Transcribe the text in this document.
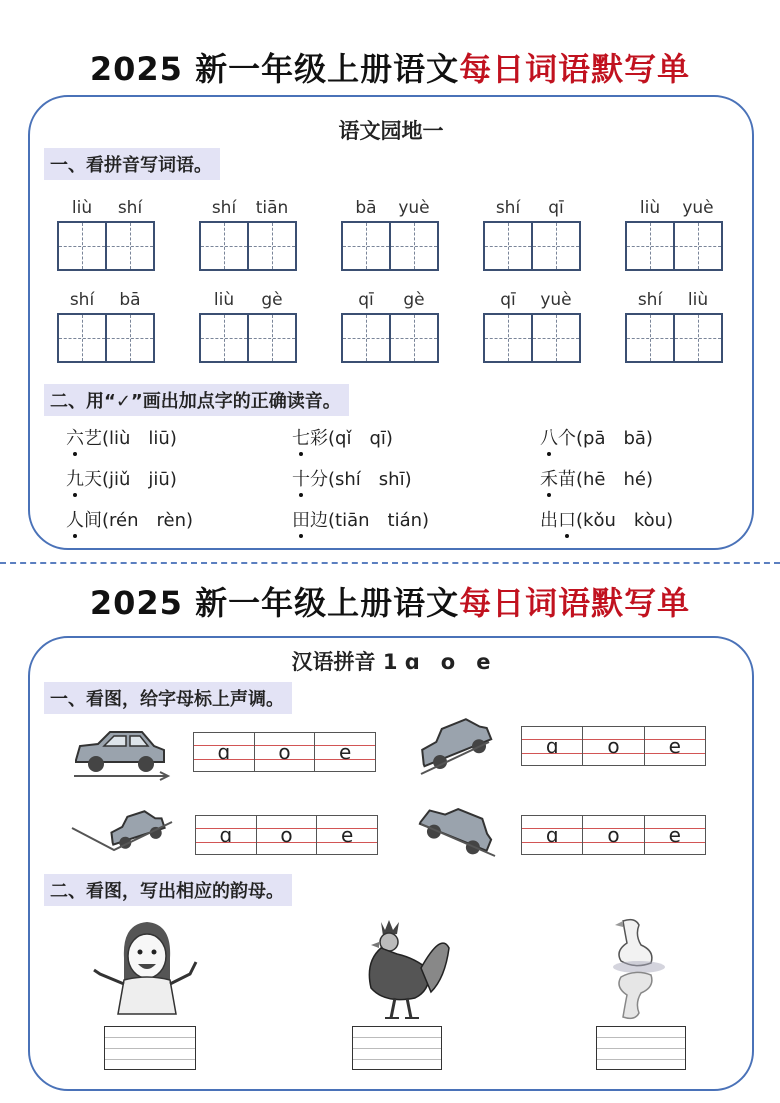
2025 新一年级上册语文每日词语默写单
语文园地一
一、看拼音写词语。
liù shí	shí tiān	bā yuè	shí qī	liù yuè
shí bā	liù gè	qī gè	qī yuè	shí liù
二、用“✓”画出加点字的正确读音。
六艺(liù　liū)	七彩(qǐ　qī)	八个(pā　bā)
九天(jiǔ　jiū)	十分(shí　shī)	禾苗(hē　hé)
人间(rén　rèn)	田边(tiān　tián)	出口(kǒu　kòu)
2025 新一年级上册语文每日词语默写单
汉语拼音 1 ɑ　o　e
一、看图，给字母标上声调。
ɑ	o	e	ɑ	o	e
ɑ	o	e	ɑ	o	e
二、看图，写出相应的韵母。
